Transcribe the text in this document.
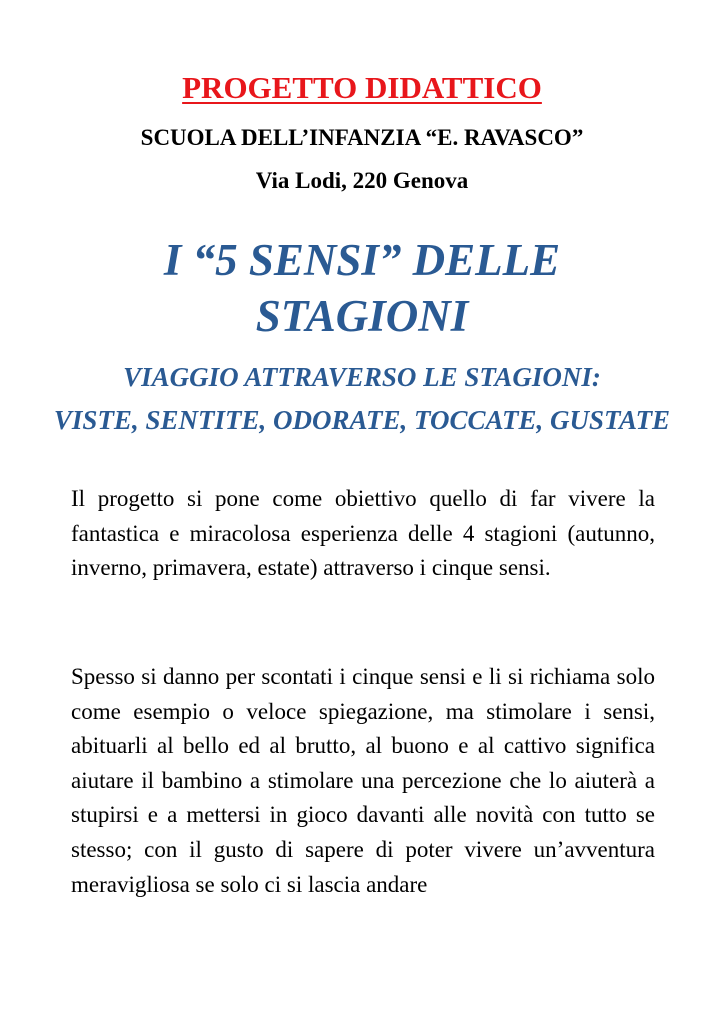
PROGETTO DIDATTICO

SCUOLA DELL’INFANZIA “E. RAVASCO”

Via Lodi, 220 Genova

I “5 SENSI” DELLE
STAGIONI

VIAGGIO ATTRAVERSO LE STAGIONI:

VISTE, SENTITE, ODORATE, TOCCATE, GUSTATE

Il progetto si pone come obiettivo quello di far vivere la fantastica e miracolosa esperienza delle 4 stagioni (autunno, inverno, primavera, estate) attraverso i cinque sensi.

Spesso si danno per scontati i cinque sensi e li si richiama solo come esempio o veloce spiegazione, ma stimolare i sensi, abituarli al bello ed al brutto, al buono e al cattivo significa aiutare il bambino a stimolare una percezione che lo aiuterà a stupirsi e a mettersi in gioco davanti alle novità con tutto se stesso; con il gusto di sapere di poter vivere un’avventura meravigliosa se solo ci si lascia andare
